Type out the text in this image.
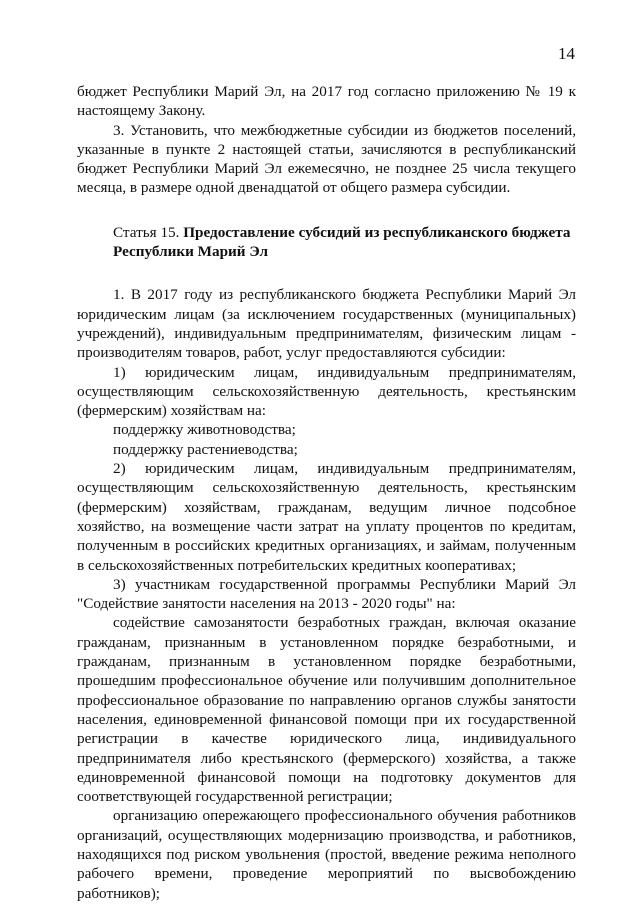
14

бюджет Республики Марий Эл, на 2017 год согласно приложению № 19 к настоящему Закону.

3. Установить, что межбюджетные субсидии из бюджетов поселений, указанные в пункте 2 настоящей статьи, зачисляются в республиканский бюджет Республики Марий Эл ежемесячно, не позднее 25 числа текущего месяца, в размере одной двенадцатой от общего размера субсидии.

Статья 15. Предоставление субсидий из республиканского бюджета Республики Марий Эл

1. В 2017 году из республиканского бюджета Республики Марий Эл юридическим лицам (за исключением государственных (муниципальных) учреждений), индивидуальным предпринимателям, физическим лицам - производителям товаров, работ, услуг предоставляются субсидии:

1) юридическим лицам, индивидуальным предпринимателям, осуществляющим сельскохозяйственную деятельность, крестьянским (фермерским) хозяйствам на:

поддержку животноводства;

поддержку растениеводства;

2) юридическим лицам, индивидуальным предпринимателям, осуществляющим сельскохозяйственную деятельность, крестьянским (фермерским) хозяйствам, гражданам, ведущим личное подсобное хозяйство, на возмещение части затрат на уплату процентов по кредитам, полученным в российских кредитных организациях, и займам, полученным в сельскохозяйственных потребительских кредитных кооперативах;

3) участникам государственной программы Республики Марий Эл "Содействие занятости населения на 2013 - 2020 годы" на:

содействие самозанятости безработных граждан, включая оказание гражданам, признанным в установленном порядке безработными, и гражданам, признанным в установленном порядке безработными, прошедшим профессиональное обучение или получившим дополнительное профессиональное образование по направлению органов службы занятости населения, единовременной финансовой помощи при их государственной регистрации в качестве юридического лица, индивидуального предпринимателя либо крестьянского (фермерского) хозяйства, а также единовременной финансовой помощи на подготовку документов для соответствующей государственной регистрации;

организацию опережающего профессионального обучения работников организаций, осуществляющих модернизацию производства, и работников, находящихся под риском увольнения (простой, введение режима неполного рабочего времени, проведение мероприятий по высвобождению работников);
